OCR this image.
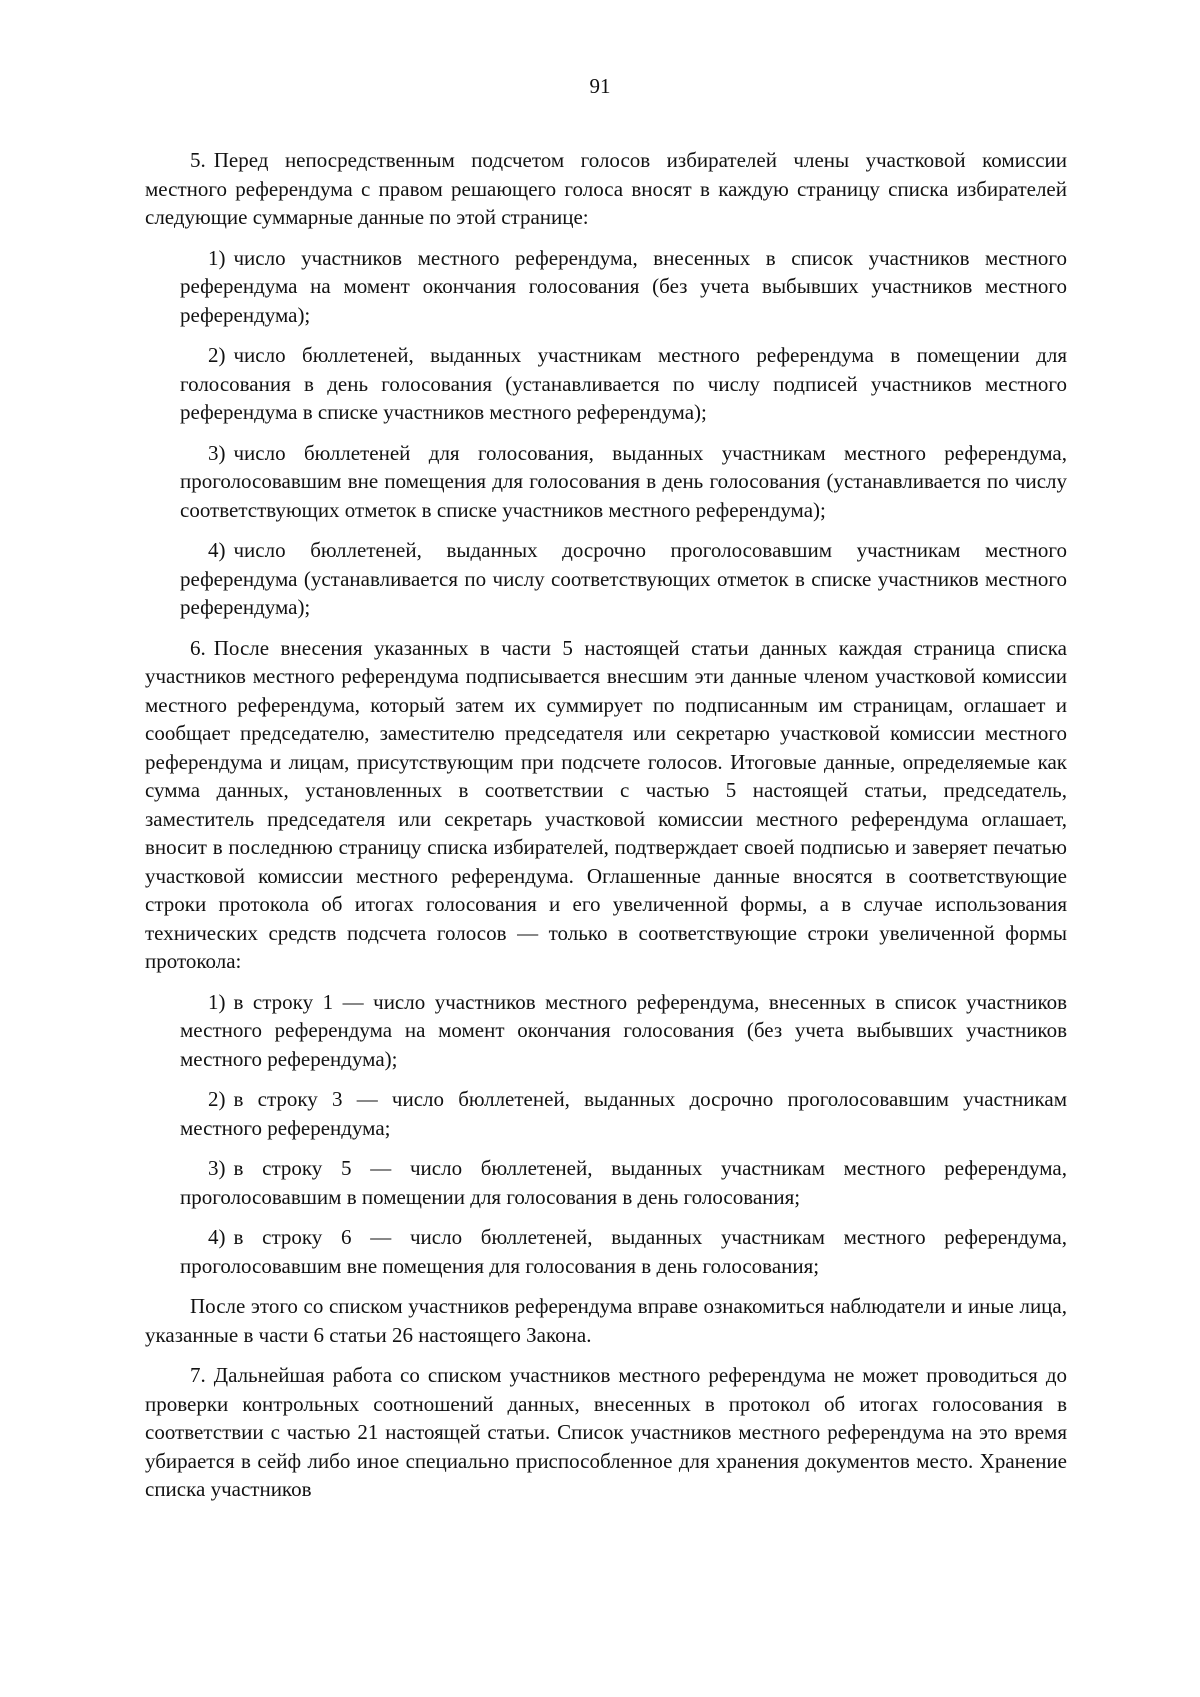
91

5. Перед непосредственным подсчетом голосов избирателей члены участковой комиссии местного референдума с правом решающего голоса вносят в каждую страницу списка избирателей следующие суммарные данные по этой странице:

1) число участников местного референдума, внесенных в список участников местного референдума на момент окончания голосования (без учета выбывших участников местного референдума);

2) число бюллетеней, выданных участникам местного референдума в помещении для голосования в день голосования (устанавливается по числу подписей участников местного референдума в списке участников местного референдума);

3) число бюллетеней для голосования, выданных участникам местного референдума, проголосовавшим вне помещения для голосования в день голосования (устанавливается по числу соответствующих отметок в списке участников местного референдума);

4) число бюллетеней, выданных досрочно проголосовавшим участникам местного референдума (устанавливается по числу соответствующих отметок в списке участников местного референдума);

6. После внесения указанных в части 5 настоящей статьи данных каждая страница списка участников местного референдума подписывается внесшим эти данные членом участковой комиссии местного референдума, который затем их суммирует по подписанным им страницам, оглашает и сообщает председателю, заместителю председателя или секретарю участковой комиссии местного референдума и лицам, присутствующим при подсчете голосов. Итоговые данные, определяемые как сумма данных, установленных в соответствии с частью 5 настоящей статьи, председатель, заместитель председателя или секретарь участковой комиссии местного референдума оглашает, вносит в последнюю страницу списка избирателей, подтверждает своей подписью и заверяет печатью участковой комиссии местного референдума. Оглашенные данные вносятся в соответствующие строки протокола об итогах голосования и его увеличенной формы, а в случае использования технических средств подсчета голосов — только в соответствующие строки увеличенной формы протокола:

1) в строку 1 — число участников местного референдума, внесенных в список участников местного референдума на момент окончания голосования (без учета выбывших участников местного референдума);

2) в строку 3 — число бюллетеней, выданных досрочно проголосовавшим участникам местного референдума;

3) в строку 5 — число бюллетеней, выданных участникам местного референдума, проголосовавшим в помещении для голосования в день голосования;

4) в строку 6 — число бюллетеней, выданных участникам местного референдума, проголосовавшим вне помещения для голосования в день голосования;

После этого со списком участников референдума вправе ознакомиться наблюдатели и иные лица, указанные в части 6 статьи 26 настоящего Закона.

7. Дальнейшая работа со списком участников местного референдума не может проводиться до проверки контрольных соотношений данных, внесенных в протокол об итогах голосования в соответствии с частью 21 настоящей статьи. Список участников местного референдума на это время убирается в сейф либо иное специально приспособленное для хранения документов место. Хранение списка участников
